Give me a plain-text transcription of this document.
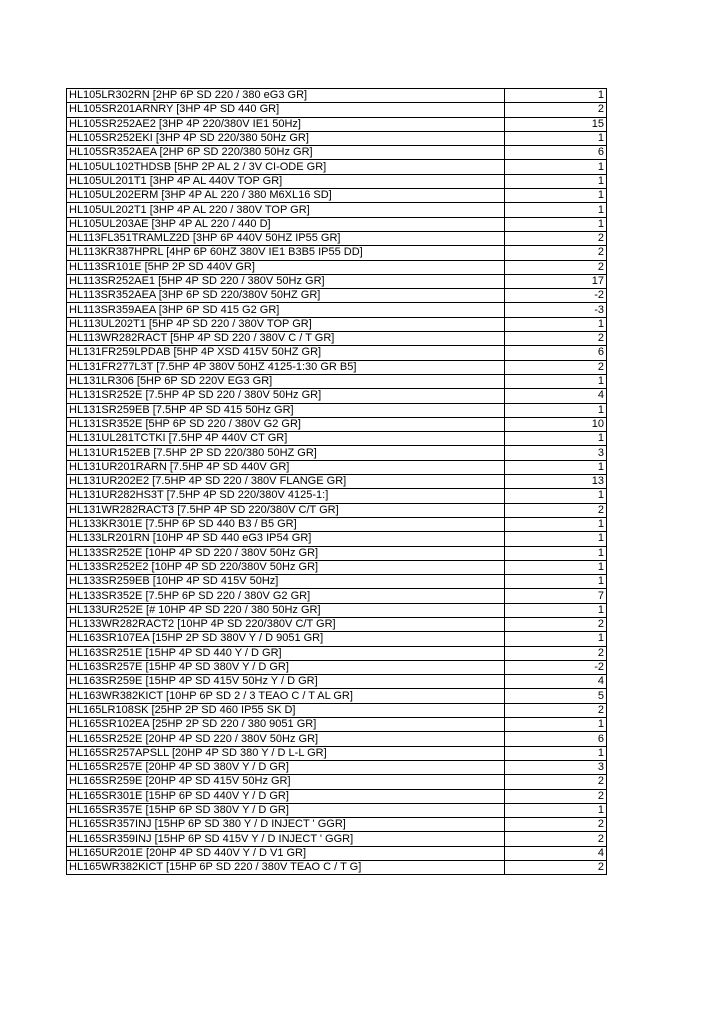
HL105LR302RN [2HP 6P SD 220 / 380 eG3 GR]	1
HL105SR201ARNRY [3HP 4P SD 440 GR]	2
HL105SR252AE2 [3HP 4P 220/380V IE1 50Hz]	15
HL105SR252EKI [3HP 4P SD 220/380 50Hz GR]	1
HL105SR352AEA [2HP 6P SD 220/380 50Hz GR]	6
HL105UL102THDSB [5HP 2P AL 2 / 3V CI-ODE GR]	1
HL105UL201T1 [3HP 4P AL 440V TOP GR]	1
HL105UL202ERM [3HP 4P AL 220 / 380 M6XL16 SD]	1
HL105UL202T1 [3HP 4P AL 220 / 380V TOP GR]	1
HL105UL203AE [3HP 4P AL 220 / 440 D]	1
HL113FL351TRAMLZ2D [3HP 6P 440V 50HZ IP55 GR]	2
HL113KR387HPRL [4HP 6P 60HZ 380V IE1 B3B5 IP55 DD]	2
HL113SR101E [5HP 2P SD 440V GR]	2
HL113SR252AE1 [5HP 4P SD 220 / 380V 50Hz GR]	17
HL113SR352AEA [3HP 6P SD 220/380V 50HZ GR]	-2
HL113SR359AEA [3HP 6P SD 415 G2 GR]	-3
HL113UL202T1 [5HP 4P SD 220 / 380V TOP GR]	1
HL113WR282RACT [5HP 4P SD 220 / 380V C / T GR]	2
HL131FR259LPDAB [5HP 4P XSD 415V 50HZ GR]	6
HL131FR277L3T [7.5HP 4P 380V 50HZ 4125-1:30 GR B5]	2
HL131LR306 [5HP 6P SD 220V EG3 GR]	1
HL131SR252E [7.5HP 4P SD 220 / 380V 50Hz GR]	4
HL131SR259EB [7.5HP 4P SD 415 50Hz GR]	1
HL131SR352E [5HP 6P SD 220 / 380V G2 GR]	10
HL131UL281TCTKI [7.5HP 4P 440V CT GR]	1
HL131UR152EB [7.5HP 2P SD 220/380 50HZ GR]	3
HL131UR201RARN [7.5HP 4P SD 440V GR]	1
HL131UR202E2 [7.5HP 4P SD 220 / 380V FLANGE GR]	13
HL131UR282HS3T [7.5HP 4P SD 220/380V 4125-1:]	1
HL131WR282RACT3 [7.5HP 4P SD 220/380V C/T GR]	2
HL133KR301E [7.5HP 6P SD 440 B3 / B5 GR]	1
HL133LR201RN [10HP 4P SD 440 eG3 IP54 GR]	1
HL133SR252E [10HP 4P SD 220 / 380V 50Hz GR]	1
HL133SR252E2 [10HP 4P SD 220/380V 50Hz GR]	1
HL133SR259EB [10HP 4P SD 415V 50Hz]	1
HL133SR352E [7.5HP 6P SD 220 / 380V G2 GR]	7
HL133UR252E [# 10HP 4P SD 220 / 380 50Hz GR]	1
HL133WR282RACT2 [10HP 4P SD 220/380V C/T GR]	2
HL163SR107EA [15HP 2P SD 380V Y / D 9051 GR]	1
HL163SR251E [15HP 4P SD 440 Y / D GR]	2
HL163SR257E [15HP 4P SD 380V Y / D GR]	-2
HL163SR259E [15HP 4P SD 415V 50Hz Y / D GR]	4
HL163WR382KICT [10HP 6P SD 2 / 3 TEAO C / T AL GR]	5
HL165LR108SK [25HP 2P SD 460 IP55 SK D]	2
HL165SR102EA [25HP 2P SD 220 / 380 9051 GR]	1
HL165SR252E [20HP 4P SD 220 / 380V 50Hz GR]	6
HL165SR257APSLL [20HP 4P SD 380 Y / D L-L GR]	1
HL165SR257E [20HP 4P SD 380V Y / D GR]	3
HL165SR259E [20HP 4P SD 415V 50Hz GR]	2
HL165SR301E [15HP 6P SD 440V Y / D GR]	2
HL165SR357E [15HP 6P SD 380V Y / D GR]	1
HL165SR357INJ [15HP 6P SD 380 Y / D INJECT ' GGR]	2
HL165SR359INJ [15HP 6P SD 415V Y / D INJECT ' GGR]	2
HL165UR201E [20HP 4P SD 440V Y / D V1 GR]	4
HL165WR382KICT [15HP 6P SD 220 / 380V TEAO C / T G]	2
